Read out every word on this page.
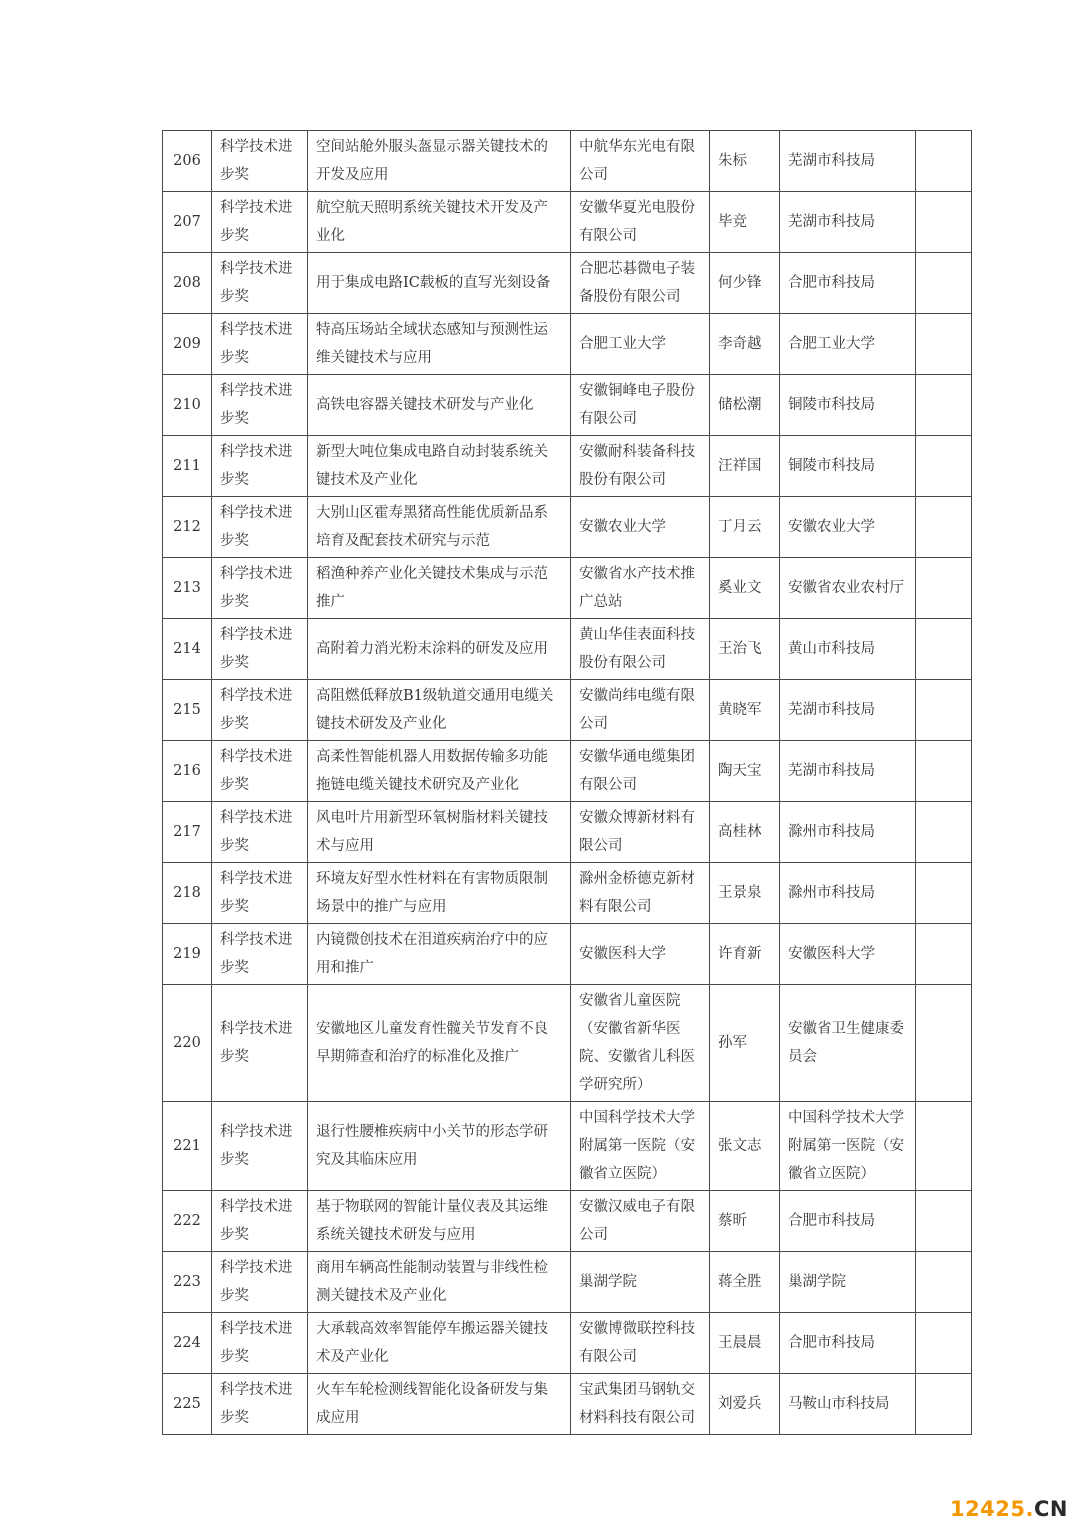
206	科学技术进步奖	空间站舱外服头盔显示器关键技术的开发及应用	中航华东光电有限公司	朱标	芜湖市科技局	
207	科学技术进步奖	航空航天照明系统关键技术开发及产业化	安徽华夏光电股份有限公司	毕竞	芜湖市科技局	
208	科学技术进步奖	用于集成电路IC载板的直写光刻设备	合肥芯碁微电子装备股份有限公司	何少锋	合肥市科技局	
209	科学技术进步奖	特高压场站全域状态感知与预测性运维关键技术与应用	合肥工业大学	李奇越	合肥工业大学	
210	科学技术进步奖	高铁电容器关键技术研发与产业化	安徽铜峰电子股份有限公司	储松潮	铜陵市科技局	
211	科学技术进步奖	新型大吨位集成电路自动封装系统关键技术及产业化	安徽耐科装备科技股份有限公司	汪祥国	铜陵市科技局	
212	科学技术进步奖	大别山区霍寿黑猪高性能优质新品系培育及配套技术研究与示范	安徽农业大学	丁月云	安徽农业大学	
213	科学技术进步奖	稻渔种养产业化关键技术集成与示范推广	安徽省水产技术推广总站	奚业文	安徽省农业农村厅	
214	科学技术进步奖	高附着力消光粉末涂料的研发及应用	黄山华佳表面科技股份有限公司	王治飞	黄山市科技局	
215	科学技术进步奖	高阻燃低释放B1级轨道交通用电缆关键技术研发及产业化	安徽尚纬电缆有限公司	黄晓军	芜湖市科技局	
216	科学技术进步奖	高柔性智能机器人用数据传输多功能拖链电缆关键技术研究及产业化	安徽华通电缆集团有限公司	陶天宝	芜湖市科技局	
217	科学技术进步奖	风电叶片用新型环氧树脂材料关键技术与应用	安徽众博新材料有限公司	高桂林	滁州市科技局	
218	科学技术进步奖	环境友好型水性材料在有害物质限制场景中的推广与应用	滁州金桥德克新材料有限公司	王景泉	滁州市科技局	
219	科学技术进步奖	内镜微创技术在泪道疾病治疗中的应用和推广	安徽医科大学	许育新	安徽医科大学	
220	科学技术进步奖	安徽地区儿童发育性髋关节发育不良早期筛查和治疗的标准化及推广	安徽省儿童医院（安徽省新华医院、安徽省儿科医学研究所）	孙军	安徽省卫生健康委员会	
221	科学技术进步奖	退行性腰椎疾病中小关节的形态学研究及其临床应用	中国科学技术大学附属第一医院（安徽省立医院）	张文志	中国科学技术大学附属第一医院（安徽省立医院）	
222	科学技术进步奖	基于物联网的智能计量仪表及其运维系统关键技术研发与应用	安徽汉威电子有限公司	蔡昕	合肥市科技局	
223	科学技术进步奖	商用车辆高性能制动装置与非线性检测关键技术及产业化	巢湖学院	蒋全胜	巢湖学院	
224	科学技术进步奖	大承载高效率智能停车搬运器关键技术及产业化	安徽博微联控科技有限公司	王晨晨	合肥市科技局	
225	科学技术进步奖	火车车轮检测线智能化设备研发与集成应用	宝武集团马钢轨交材料科技有限公司	刘爱兵	马鞍山市科技局	
12425.CN
